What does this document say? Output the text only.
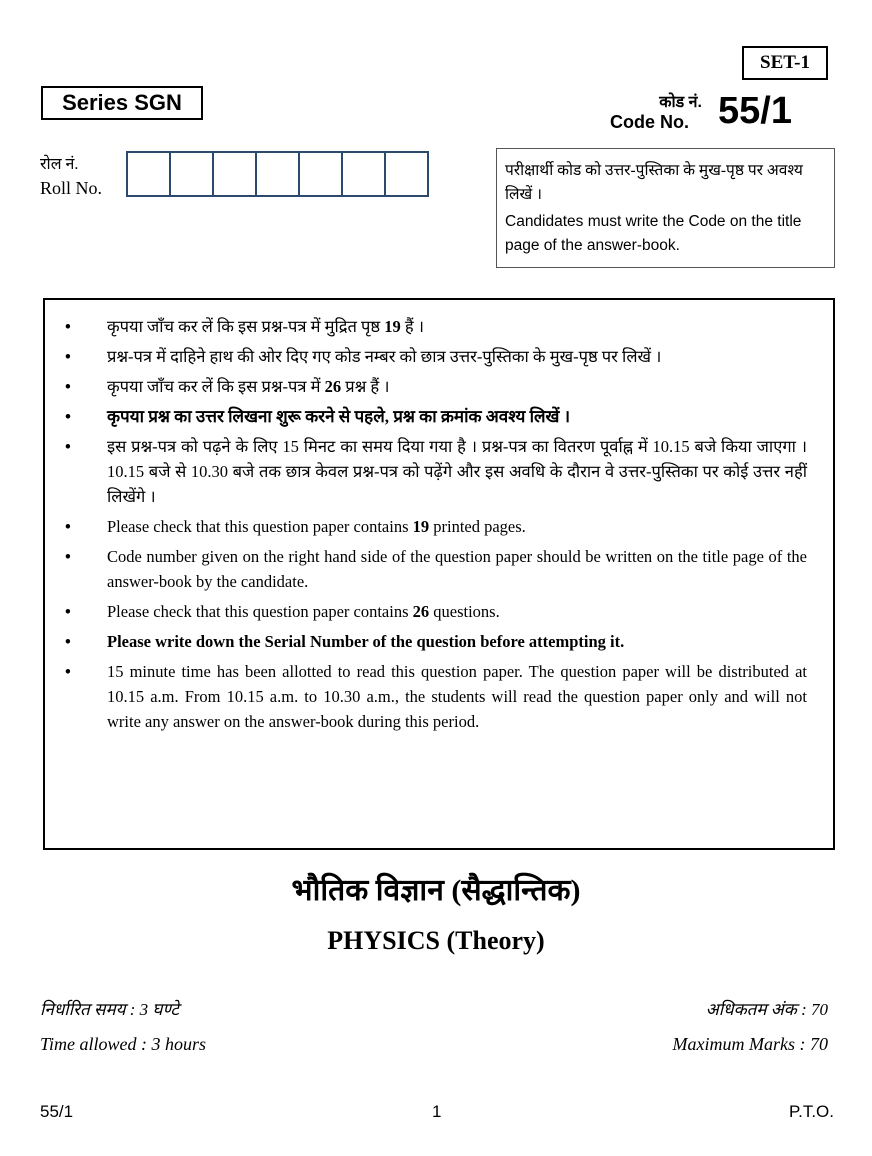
SET-1
Series SGN	कोड नं.
Code No. 55/1
रोल नं.
Roll No.
परीक्षार्थी कोड को उत्तर-पुस्तिका के मुख-पृष्ठ पर अवश्य लिखें ।
Candidates must write the Code on the title page of the answer-book.
•	कृपया जाँच कर लें कि इस प्रश्न-पत्र में मुद्रित पृष्ठ 19 हैं ।
•	प्रश्न-पत्र में दाहिने हाथ की ओर दिए गए कोड नम्बर को छात्र उत्तर-पुस्तिका के मुख-पृष्ठ पर लिखें ।
•	कृपया जाँच कर लें कि इस प्रश्न-पत्र में 26 प्रश्न हैं ।
•	कृपया प्रश्न का उत्तर लिखना शुरू करने से पहले, प्रश्न का क्रमांक अवश्य लिखें ।
•	इस प्रश्न-पत्र को पढ़ने के लिए 15 मिनट का समय दिया गया है । प्रश्न-पत्र का वितरण पूर्वाह्न में 10.15 बजे किया जाएगा । 10.15 बजे से 10.30 बजे तक छात्र केवल प्रश्न-पत्र को पढ़ेंगे और इस अवधि के दौरान वे उत्तर-पुस्तिका पर कोई उत्तर नहीं लिखेंगे ।
•	Please check that this question paper contains 19 printed pages.
•	Code number given on the right hand side of the question paper should be written on the title page of the answer-book by the candidate.
•	Please check that this question paper contains 26 questions.
•	Please write down the Serial Number of the question before attempting it.
•	15 minute time has been allotted to read this question paper. The question paper will be distributed at 10.15 a.m. From 10.15 a.m. to 10.30 a.m., the students will read the question paper only and will not write any answer on the answer-book during this period.
भौतिक विज्ञान (सैद्धान्तिक)
PHYSICS (Theory)
निर्धारित समय : 3 घण्टे	अधिकतम अंक : 70
Time allowed : 3 hours	Maximum Marks : 70
55/1	1	P.T.O.
